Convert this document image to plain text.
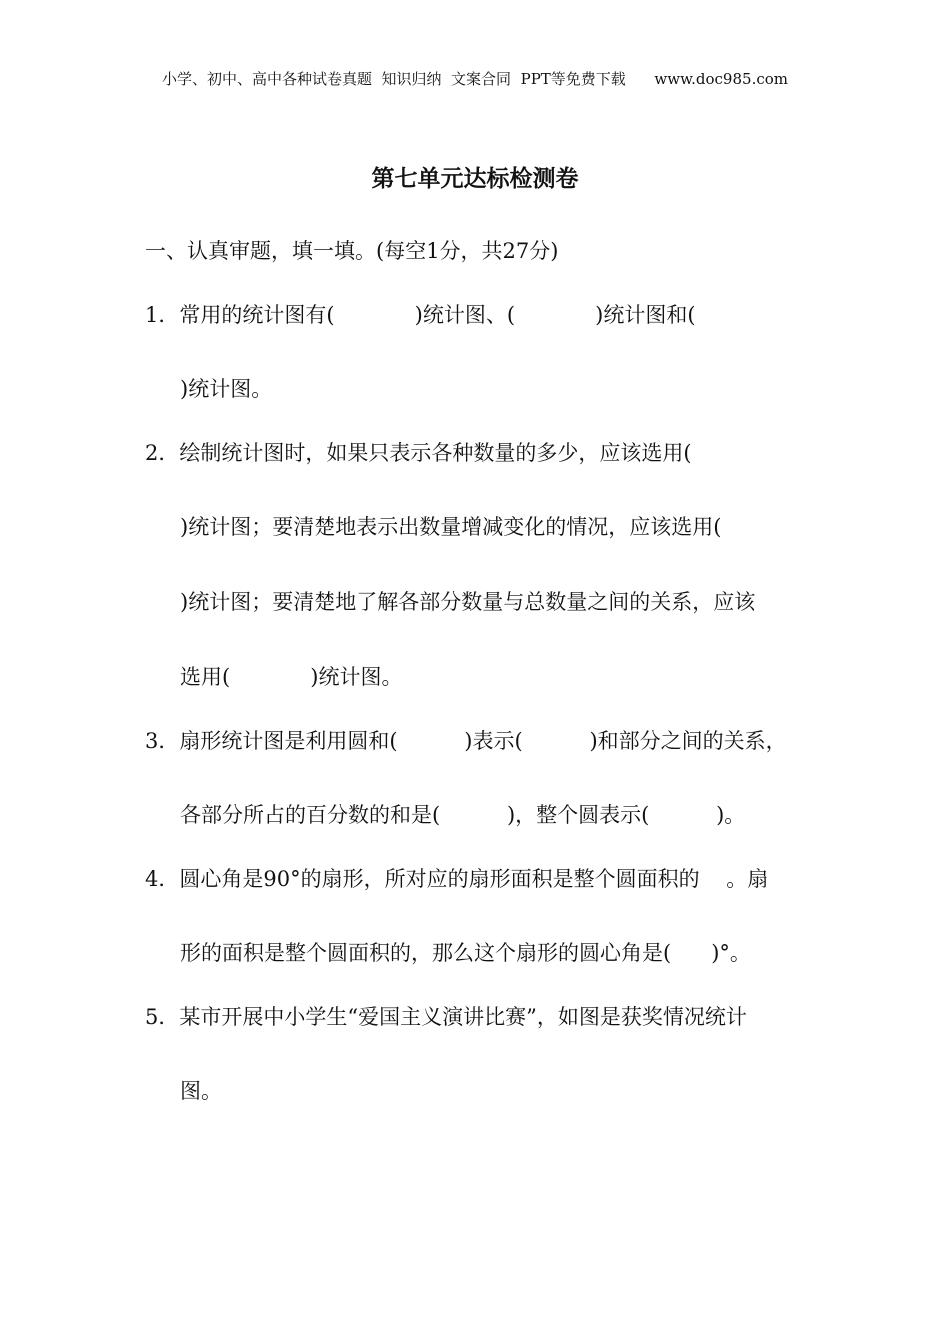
小学、初中、高中各种试卷真题  知识归纳  文案合同  PPT等免费下载      www.doc985.com
第七单元达标检测卷
一、认真审题，填一填。(每空1分，共27分)
1．常用的统计图有(            )统计图、(            )统计图和(
)统计图。
2．绘制统计图时，如果只表示各种数量的多少，应该选用(
)统计图；要清楚地表示出数量增减变化的情况，应该选用(
)统计图；要清楚地了解各部分数量与总数量之间的关系，应该
选用(            )统计图。
3．扇形统计图是利用圆和(          )表示(          )和部分之间的关系，
各部分所占的百分数的和是(          )，整个圆表示(          )。
4．圆心角是90°的扇形，所对应的扇形面积是整个圆面积的    。扇
形的面积是整个圆面积的，那么这个扇形的圆心角是(      )°。
5．某市开展中小学生“爱国主义演讲比赛”，如图是获奖情况统计
图。
